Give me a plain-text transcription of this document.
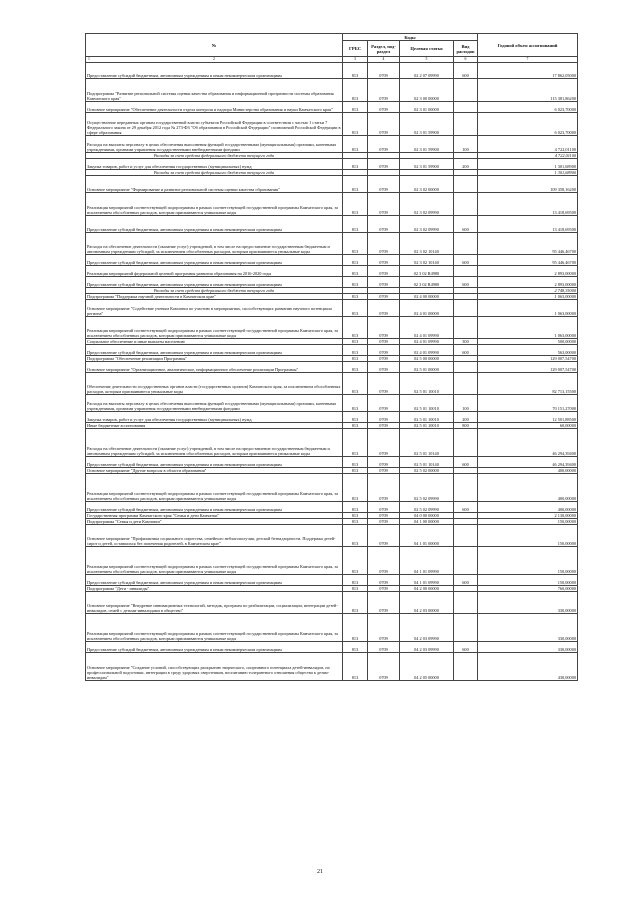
№	Коды				Годовой объем ассигнований
	ГРБС	Раздел, под-раздел	Целевая статья	Вид расходов	

1 2	3	4	5	6	7
Предоставление субсидий бюджетным, автономным учреждениям и иным некоммерческим организациям	813	0709	02 2 07 09990	600	17 862,05000
Подпрограмма "Развитие региональной системы оценки качества образования и информационной прозрачности системы образования Камчатского края"	813	0709	02 3 00 00000		115 381,86200
Основное мероприятие "Обеспечение деятельности отдела контроля и надзора Министерства образования и науки Камчатского края"	813	0709	02 3 01 00000		6 023,70000
Осуществление переданных органам государственной власти субъектов Российской Федерации в соответствии с частью 1 статьи 7 Федерального закона от 29 декабря 2012 года № 273-ФЗ "Об образовании в Российской Федерации" полномочий Российской Федерации в сфере образования	813	0709	02 3 01 59900		6 023,70000
Расходы на выплаты персоналу в целях обеспечения выполнения функций государственными (муниципальными) органами, казенными учреждениями, органами управления государственными внебюджетными фондами	813	0709	02 3 01 59900	100	4 722,01100
Расходы за счет средств федерального бюджета текущего года					4 722,01100
Закупка товаров, работ и услуг для обеспечения государственных (муниципальных) нужд	813	0709	02 3 01 59900	200	1 301,68900
Расходы за счет средств федерального бюджета текущего года					1 301,68900
Основное мероприятие "Формирование и развитие региональной системы оценки качества образования"	813	0709	02 3 02 00000		109 358,16200
Реализация мероприятий соответствующей подпрограммы в рамках соответствующей государственной программы Камчатского края, за исключением обособленных расходов, которым присваиваются уникальные коды	813	0709	02 3 02 09990		13 418,69500
Предоставление субсидий бюджетным, автономным учреждениям и иным некоммерческим организациям	813	0709	02 3 02 09990	600	13 418,69500
Расходы на обеспечение деятельности (оказание услуг) учреждений, в том числе на предоставление государственным бюджетным и автономным учреждениям субсидий, за исключением обособленных расходов, которым присваиваются уникальные коды	813	0709	02 3 02 10140		95 446,46700
Предоставление субсидий бюджетным, автономным учреждениям и иным некоммерческим организациям	813	0709	02 3 02 10140	600	95 446,46700
Реализация мероприятий федеральной целевой программы развития образования на 2016-2020 годы	813	0709	02 3 02 R4980		2 893,00000
Предоставление субсидий бюджетным, автономным учреждениям и иным некоммерческим организациям	813	0709	02 3 02 R4980	600	2 893,00000
Расходы за счет средств федерального бюджета текущего года					2 748,35000
Подпрограмма "Поддержка научной деятельности в Камчатском крае"	813	0709	02 4 00 00000		1 063,00000
Основное мероприятие "Содействие ученым Камчатки по участию в мероприятиях, способствующих развитию научного потенциала региона"	813	0709	02 4 01 00000		1 063,00000
Реализация мероприятий соответствующей подпрограммы в рамках соответствующей государственной программы Камчатского края, за исключением обособленных расходов, которым присваиваются уникальные коды	813	0709	02 4 01 09990		1 063,00000
Социальное обеспечение и иные выплаты населению	813	0709	02 4 01 09990	300	500,00000
Предоставление субсидий бюджетным, автономным учреждениям и иным некоммерческим организациям	813	0709	02 4 01 09990	600	563,00000
Подпрограмма "Обеспечение реализации Программы"	813	0709	02 5 00 00000		129 007,54700
Основное мероприятие "Организационное, аналитическое, информационное обеспечение реализации Программы"	813	0709	02 5 01 00000		129 007,54700
Обеспечение деятельности государственных органов власти (государственных органов) Камчатского края, за исключением обособленных расходов, которым присваиваются уникальные коды	813	0709	02 5 01 10010		82 713,15500
Расходы на выплаты персоналу в целях обеспечения выполнения функций государственными (муниципальными) органами, казенными учреждениями, органами управления государственными внебюджетными фондами	813	0709	02 5 01 10010	100	70 151,27000
Закупка товаров, работ и услуг для обеспечения государственных (муниципальных) нужд	813	0709	02 5 01 10010	200	12 501,88500
Иные бюджетные ассигнования	813	0709	02 5 01 10010	800	60,00000
Расходы на обеспечение деятельности (оказание услуг) учреждений, в том числе на предоставление государственным бюджетным и автономным учреждениям субсидий, за исключением обособленных расходов, которым присваиваются уникальные коды	813	0709	02 5 01 10140		46 294,39400
Предоставление субсидий бюджетным, автономным учреждениям и иным некоммерческим организациям	813	0709	02 5 01 10140	600	46 294,39400
Основное мероприятие "Другие вопросы в области образования"	813	0709	02 5 02 00000		400,00000
Реализация мероприятий соответствующей подпрограммы в рамках соответствующей государственной программы Камчатского края, за исключением обособленных расходов, которым присваиваются уникальные коды	813	0709	02 5 02 09990		400,00000
Предоставление субсидий бюджетным, автономным учреждениям и иным некоммерческим организациям	813	0709	02 5 02 09990	600	400,00000
Государственная программа Камчатского края "Семья и дети Камчатки"	813	0709	04 0 00 00000		2 130,00000
Подпрограмма "Семья и дети Камчатки"	813	0709	04 1 00 00000		150,00000
Основное мероприятие "Профилактика социального сиротства, семейного неблагополучия, детской безнадзорности. Поддержка детей-сирот и детей, оставшихся без попечения родителей, в Камчатском крае"	813	0709	04 1 01 00000		150,00000
Реализация мероприятий соответствующей подпрограммы в рамках соответствующей государственной программы Камчатского края, за исключением обособленных расходов, которым присваиваются уникальные коды	813	0709	04 1 01 09990		150,00000
Предоставление субсидий бюджетным, автономным учреждениям и иным некоммерческим организациям	813	0709	04 1 01 09990	600	150,00000
Подпрограмма "Дети - инвалиды"	813	0709	04 2 00 00000		760,00000
Основное мероприятие "Внедрение инновационных технологий, методик, программ по реабилитации, социализации, интеграции детей-инвалидов, семей с детьми-инвалидами в общество"	813	0709	04 2 03 00000		330,00000
Реализация мероприятий соответствующей подпрограммы в рамках соответствующей государственной программы Камчатского края, за исключением обособленных расходов, которым присваиваются уникальные коды	813	0709	04 2 03 09990		330,00000
Предоставление субсидий бюджетным, автономным учреждениям и иным некоммерческим организациям	813	0709	04 2 03 09990	600	330,00000
Основное мероприятие "Создание условий, способствующих раскрытию творческого, спортивного потенциала детей-инвалидов, их профессиональной подготовки, интеграции в среду здоровых сверстников, воспитанию толерантного отношения общества к детям-инвалидам"	813	0709	04 2 05 00000		430,00000
21
